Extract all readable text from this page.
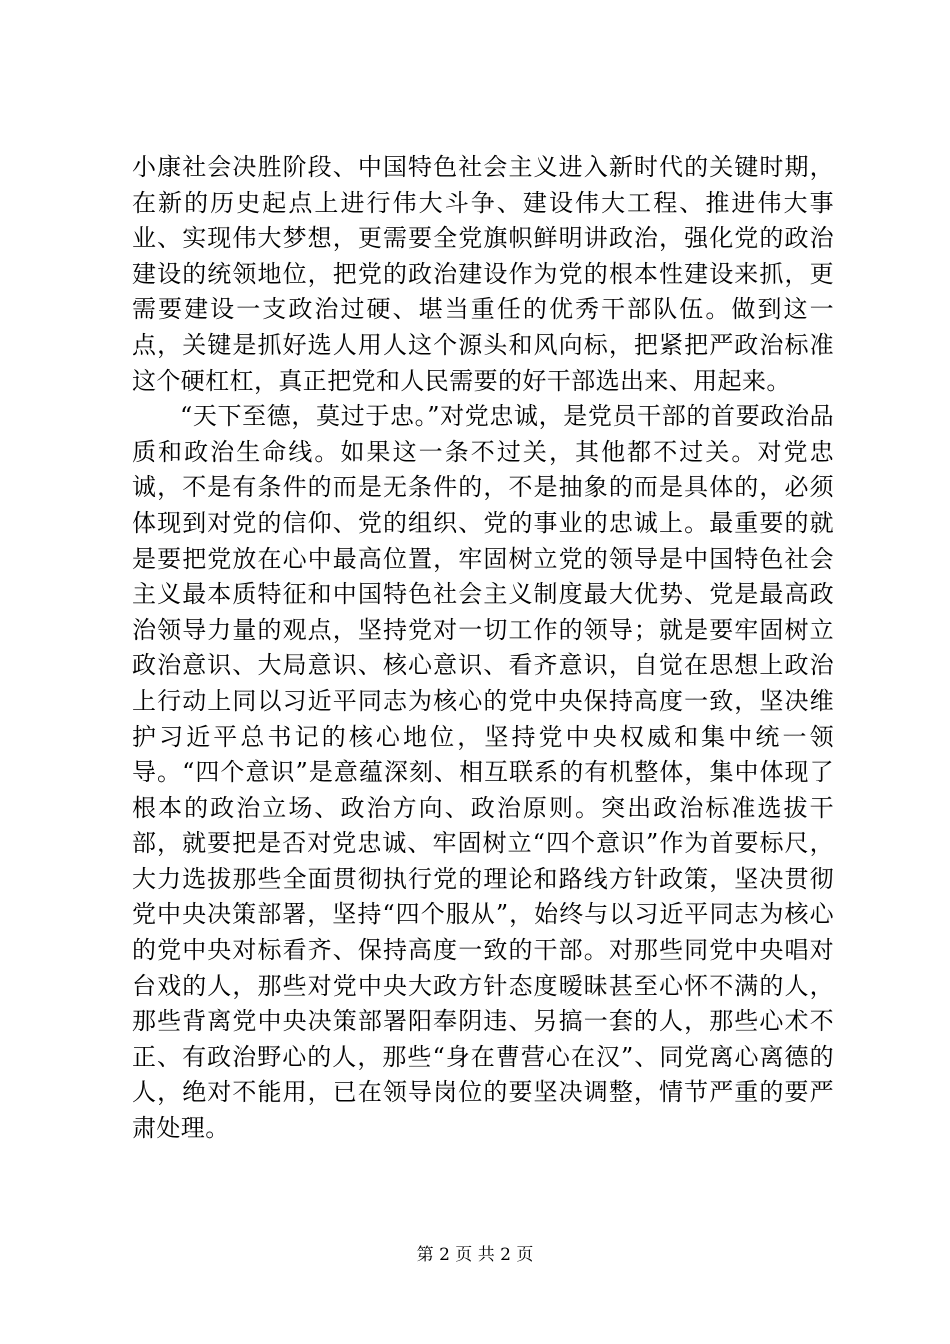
小康社会决胜阶段、中国特色社会主义进入新时代的关键时期，在新的历史起点上进行伟大斗争、建设伟大工程、推进伟大事业、实现伟大梦想，更需要全党旗帜鲜明讲政治，强化党的政治建设的统领地位，把党的政治建设作为党的根本性建设来抓，更需要建设一支政治过硬、堪当重任的优秀干部队伍。做到这一点，关键是抓好选人用人这个源头和风向标，把紧把严政治标准这个硬杠杠，真正把党和人民需要的好干部选出来、用起来。

“天下至德，莫过于忠。”对党忠诚，是党员干部的首要政治品质和政治生命线。如果这一条不过关，其他都不过关。对党忠诚，不是有条件的而是无条件的，不是抽象的而是具体的，必须体现到对党的信仰、党的组织、党的事业的忠诚上。最重要的就是要把党放在心中最高位置，牢固树立党的领导是中国特色社会主义最本质特征和中国特色社会主义制度最大优势、党是最高政治领导力量的观点，坚持党对一切工作的领导；就是要牢固树立政治意识、大局意识、核心意识、看齐意识，自觉在思想上政治上行动上同以习近平同志为核心的党中央保持高度一致，坚决维护习近平总书记的核心地位，坚持党中央权威和集中统一领导。“四个意识”是意蕴深刻、相互联系的有机整体，集中体现了根本的政治立场、政治方向、政治原则。突出政治标准选拔干部，就要把是否对党忠诚、牢固树立“四个意识”作为首要标尺，大力选拔那些全面贯彻执行党的理论和路线方针政策，坚决贯彻党中央决策部署，坚持“四个服从”，始终与以习近平同志为核心的党中央对标看齐、保持高度一致的干部。对那些同党中央唱对台戏的人，那些对党中央大政方针态度暧昧甚至心怀不满的人，那些背离党中央决策部署阳奉阴违、另搞一套的人，那些心术不正、有政治野心的人，那些“身在曹营心在汉”、同党离心离德的人，绝对不能用，已在领导岗位的要坚决调整，情节严重的要严肃处理。

第 2 页 共 2 页
